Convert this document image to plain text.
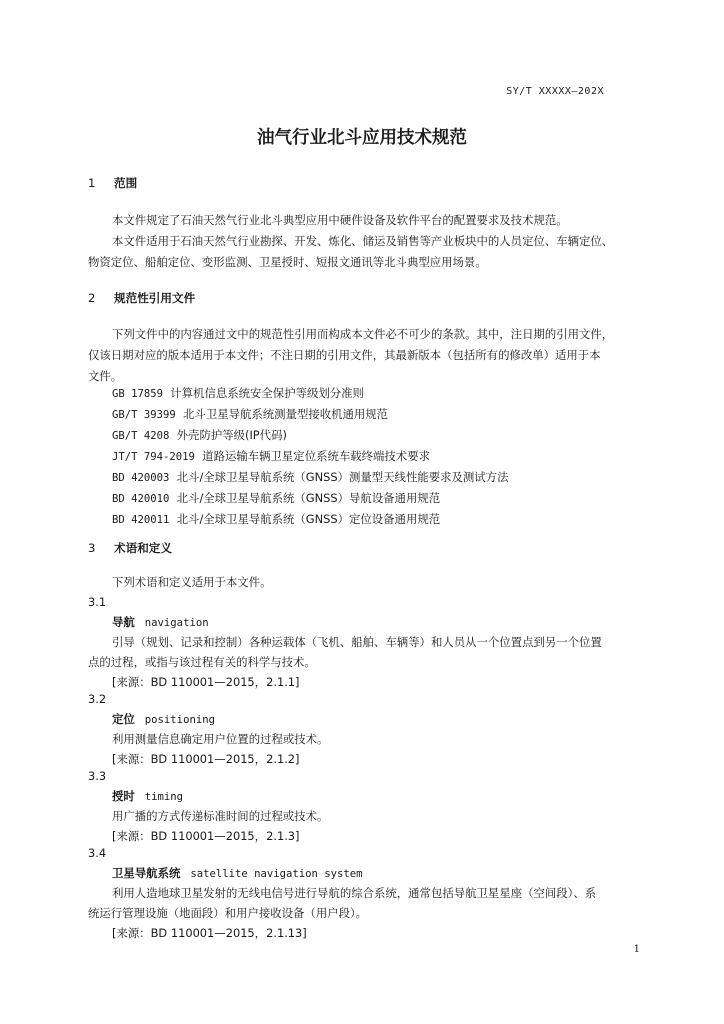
SY/T XXXXX—202X
油气行业北斗应用技术规范
1 范围
本文件规定了石油天然气行业北斗典型应用中硬件设备及软件平台的配置要求及技术规范。
本文件适用于石油天然气行业勘探、开发、炼化、储运及销售等产业板块中的人员定位、车辆定位、
物资定位、船舶定位、变形监测、卫星授时、短报文通讯等北斗典型应用场景。
2 规范性引用文件
下列文件中的内容通过文中的规范性引用而构成本文件必不可少的条款。其中，注日期的引用文件，
仅该日期对应的版本适用于本文件；不注日期的引用文件，其最新版本（包括所有的修改单）适用于本
文件。
GB 17859 计算机信息系统安全保护等级划分准则
GB/T 39399 北斗卫星导航系统测量型接收机通用规范
GB/T 4208 外壳防护等级(IP代码)
JT/T 794-2019 道路运输车辆卫星定位系统车载终端技术要求
BD 420003 北斗/全球卫星导航系统（GNSS）测量型天线性能要求及测试方法
BD 420010 北斗/全球卫星导航系统（GNSS）导航设备通用规范
BD 420011 北斗/全球卫星导航系统（GNSS）定位设备通用规范
3 术语和定义
下列术语和定义适用于本文件。
3.1
导航 navigation
引导（规划、记录和控制）各种运载体（飞机、船舶、车辆等）和人员从一个位置点到另一个位置
点的过程，或指与该过程有关的科学与技术。
[来源：BD 110001—2015，2.1.1]
3.2
定位 positioning
利用测量信息确定用户位置的过程或技术。
[来源：BD 110001—2015，2.1.2]
3.3
授时 timing
用广播的方式传递标准时间的过程或技术。
[来源：BD 110001—2015，2.1.3]
3.4
卫星导航系统 satellite navigation system
利用人造地球卫星发射的无线电信号进行导航的综合系统，通常包括导航卫星星座（空间段）、系
统运行管理设施（地面段）和用户接收设备（用户段）。
[来源：BD 110001—2015，2.1.13]
1
